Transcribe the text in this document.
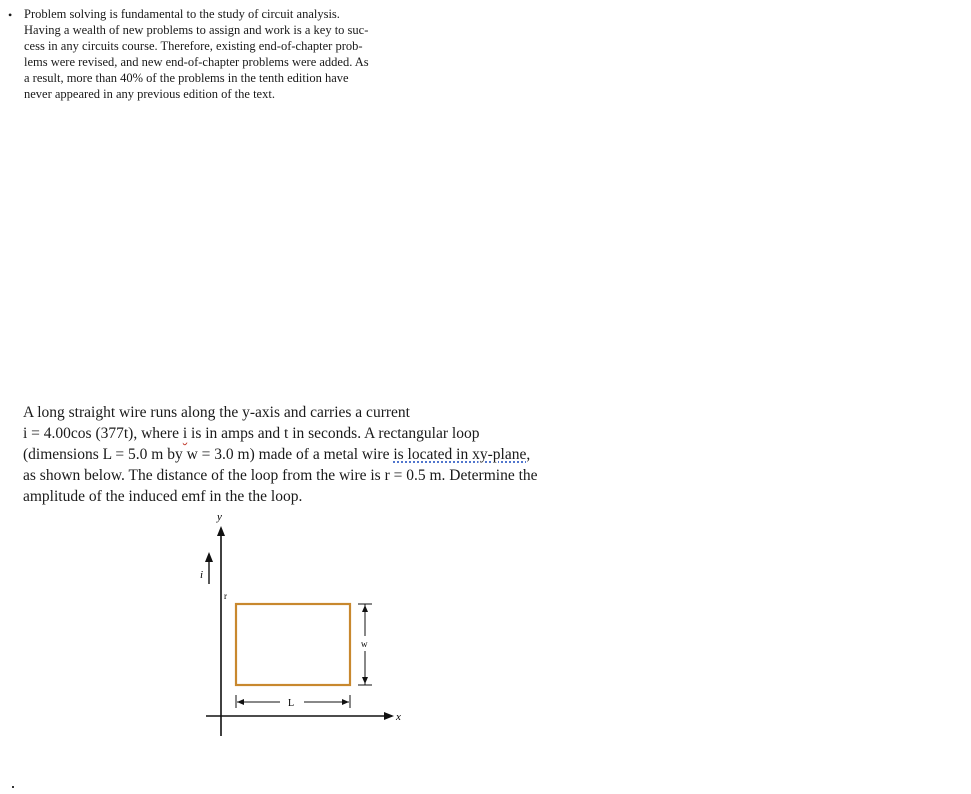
• Problem solving is fundamental to the study of circuit analysis.
Having a wealth of new problems to assign and work is a key to suc-
cess in any circuits course. Therefore, existing end-of-chapter prob-
lems were revised, and new end-of-chapter problems were added. As
a result, more than 40% of the problems in the tenth edition have
never appeared in any previous edition of the text.
A long straight wire runs along the y-axis and carries a current
i = 4.00cos (377t), where i is in amps and t in seconds. A rectangular loop
(dimensions L = 5.0 m by w = 3.0 m) made of a metal wire is located in xy-plane,
as shown below. The distance of the loop from the wire is r = 0.5 m. Determine the
amplitude of the induced emf in the the loop.
y
x
i
r
w
L
